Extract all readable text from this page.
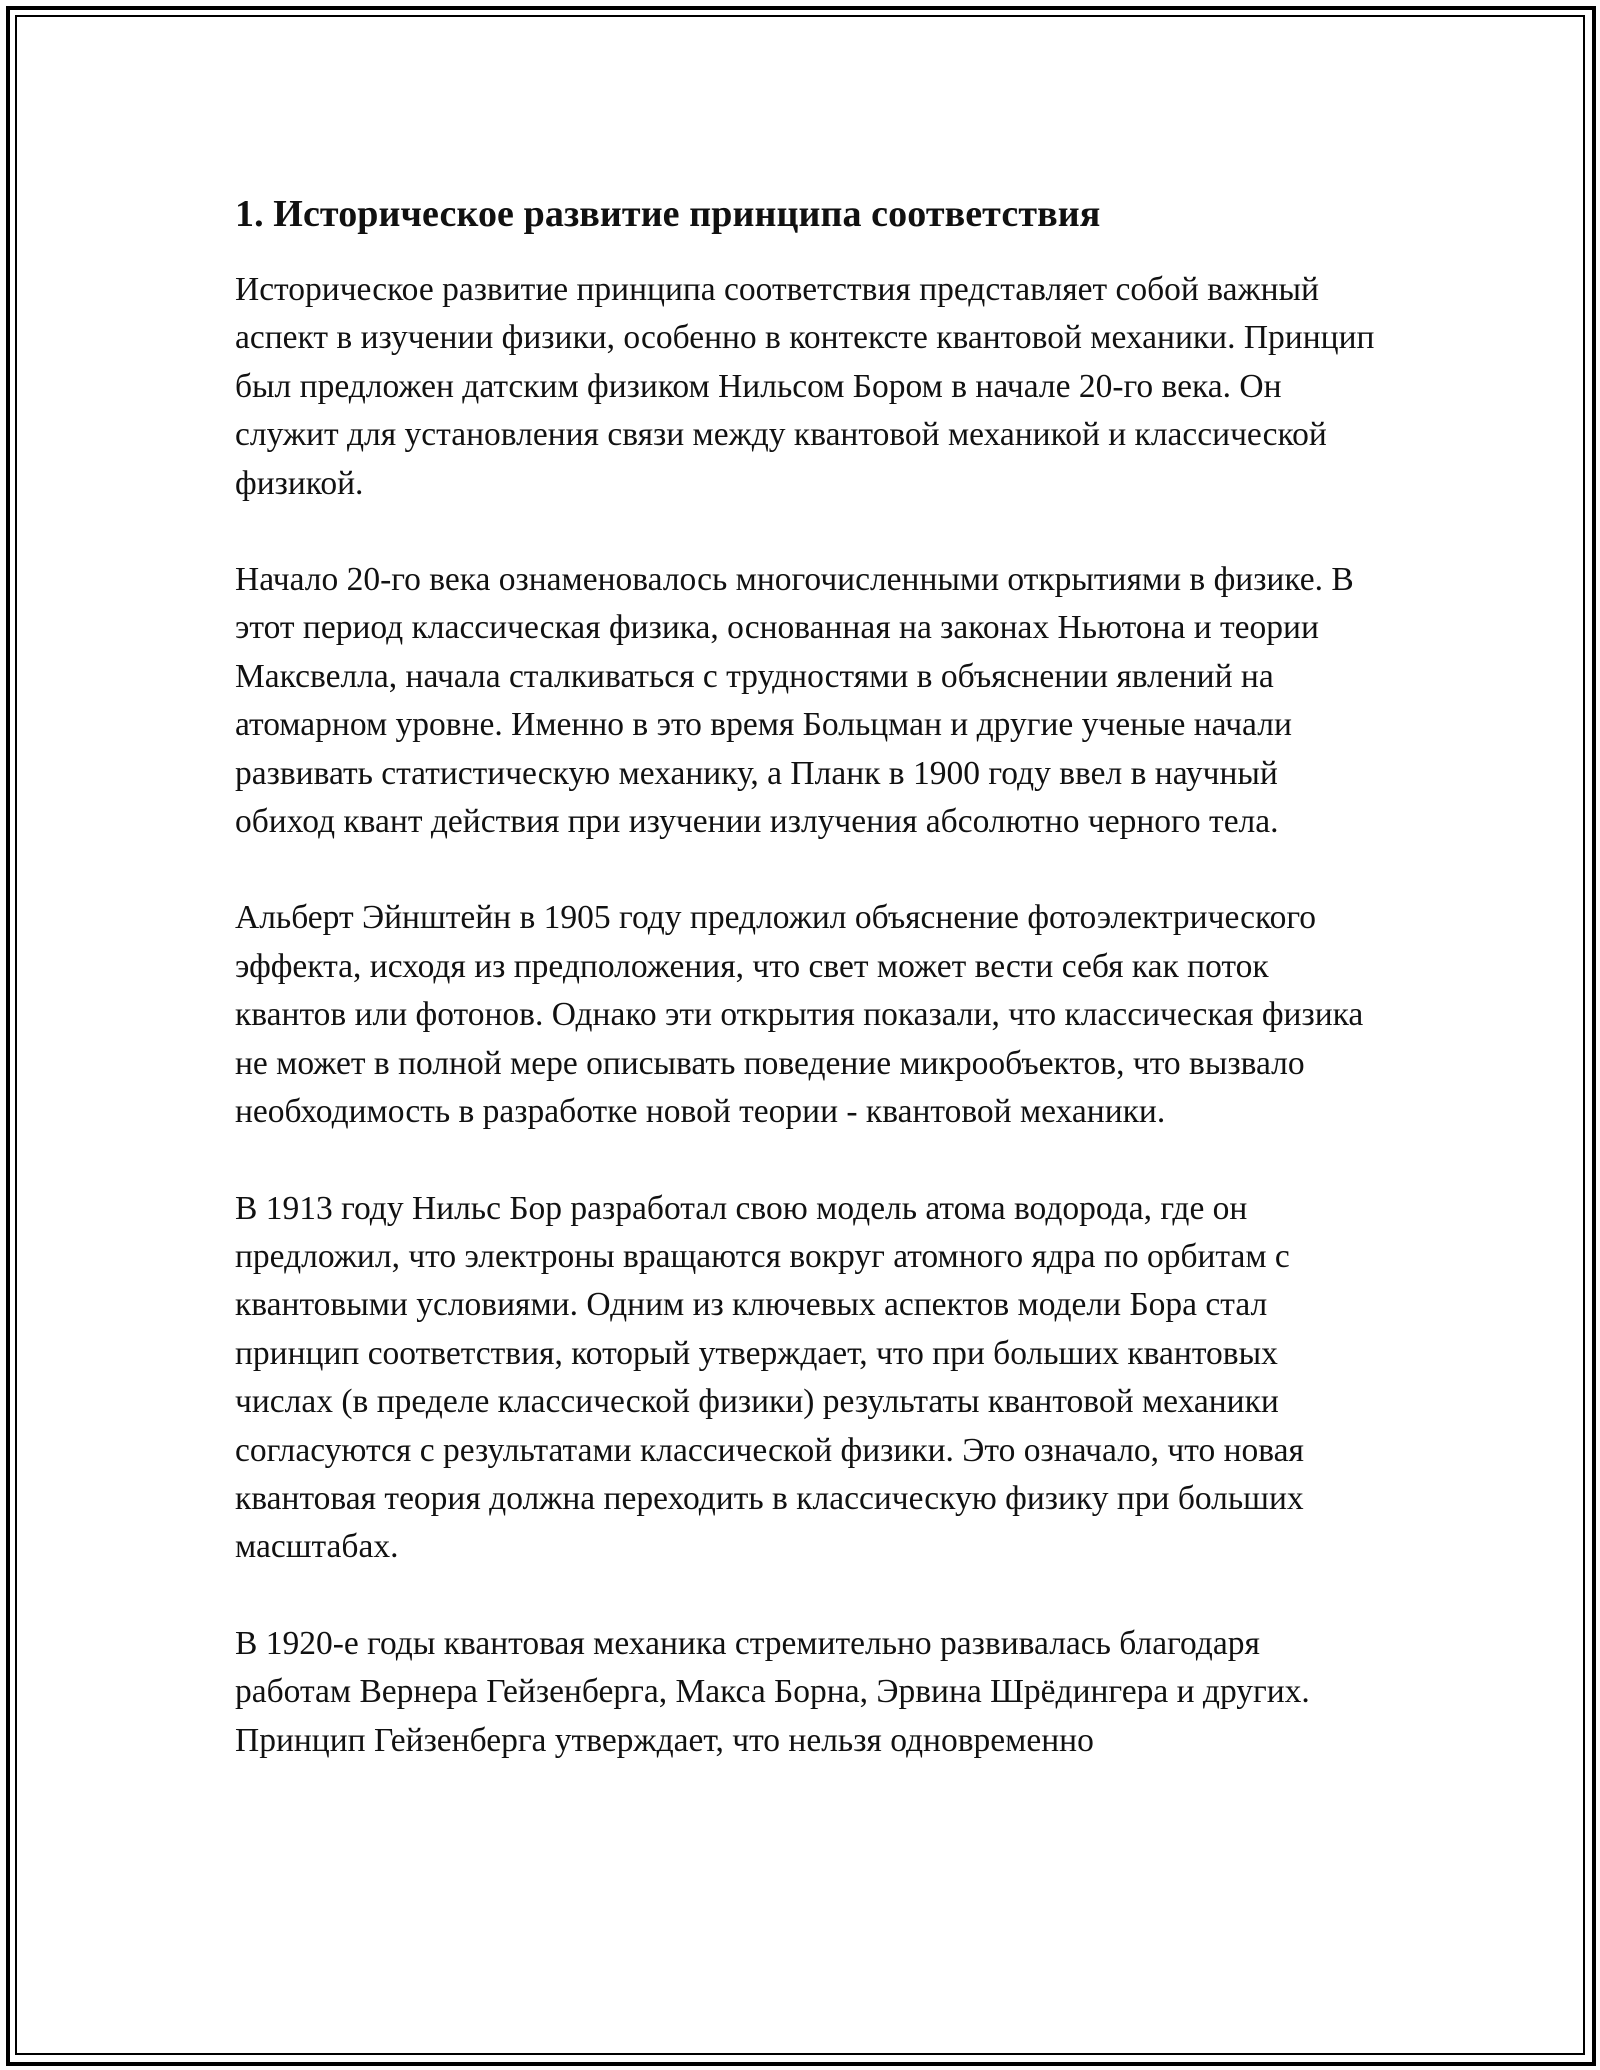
1. Историческое развитие принципа соответствия

Историческое развитие принципа соответствия представляет собой важный аспект в изучении физики, особенно в контексте квантовой механики. Принцип был предложен датским физиком Нильсом Бором в начале 20-го века. Он служит для установления связи между квантовой механикой и классической физикой.

Начало 20-го века ознаменовалось многочисленными открытиями в физике. В этот период классическая физика, основанная на законах Ньютона и теории Максвелла, начала сталкиваться с трудностями в объяснении явлений на атомарном уровне. Именно в это время Больцман и другие ученые начали развивать статистическую механику, а Планк в 1900 году ввел в научный обиход квант действия при изучении излучения абсолютно черного тела.

Альберт Эйнштейн в 1905 году предложил объяснение фотоэлектрического эффекта, исходя из предположения, что свет может вести себя как поток квантов или фотонов. Однако эти открытия показали, что классическая физика не может в полной мере описывать поведение микрообъектов, что вызвало необходимость в разработке новой теории - квантовой механики.

В 1913 году Нильс Бор разработал свою модель атома водорода, где он предложил, что электроны вращаются вокруг атомного ядра по орбитам с квантовыми условиями. Одним из ключевых аспектов модели Бора стал принцип соответствия, который утверждает, что при больших квантовых числах (в пределе классической физики) результаты квантовой механики согласуются с результатами классической физики. Это означало, что новая квантовая теория должна переходить в классическую физику при больших масштабах.

В 1920-е годы квантовая механика стремительно развивалась благодаря работам Вернера Гейзенберга, Макса Борна, Эрвина Шрёдингера и других. Принцип Гейзенберга утверждает, что нельзя одновременно
